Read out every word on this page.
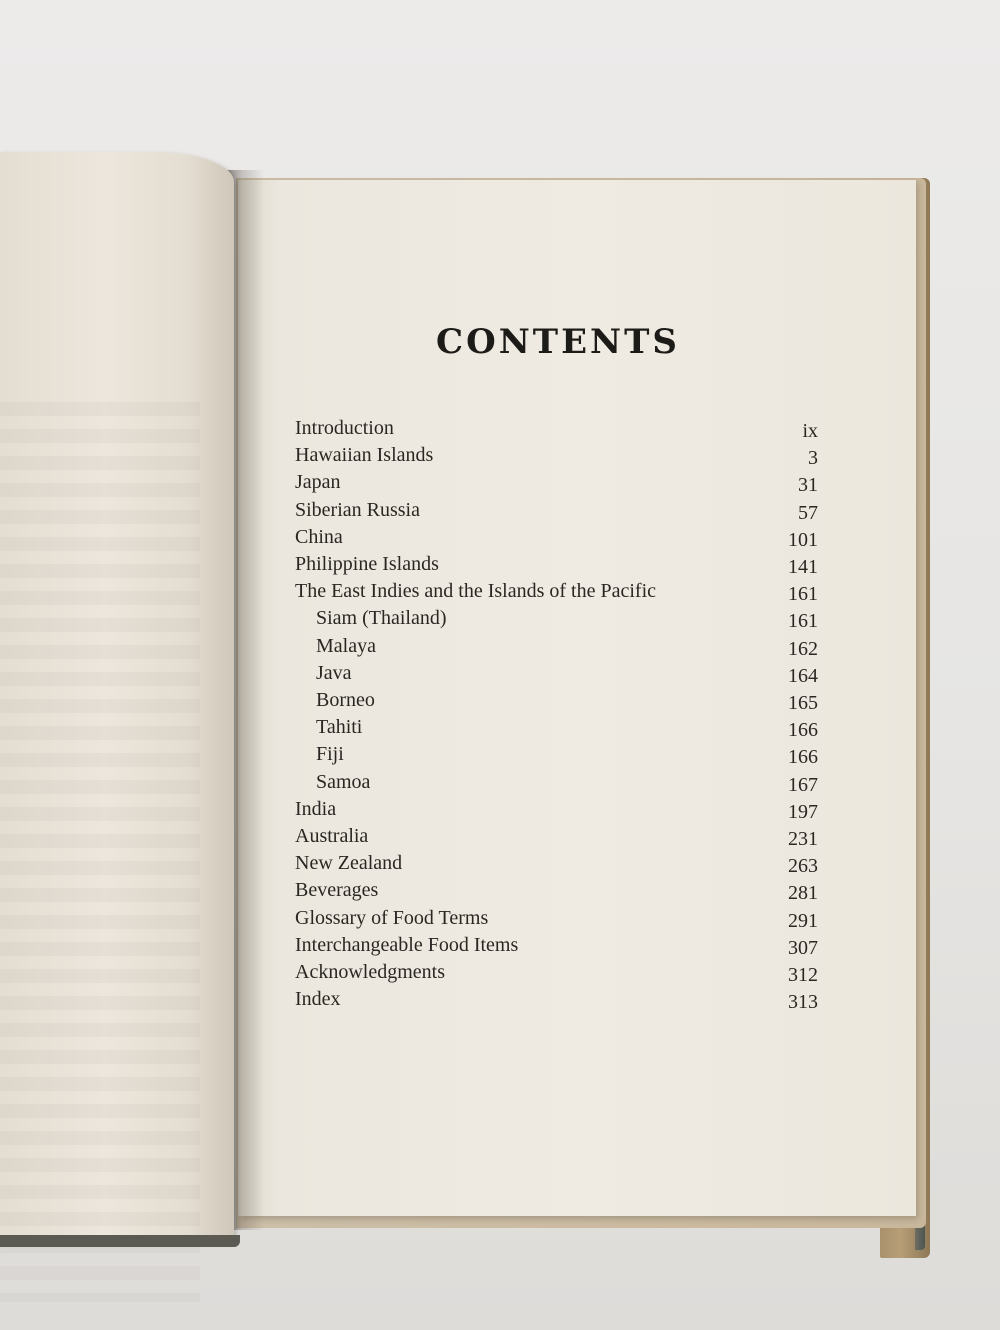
CONTENTS
Introduction	ix
Hawaiian Islands	3
Japan	31
Siberian Russia	57
China	101
Philippine Islands	141
The East Indies and the Islands of the Pacific	161
Siam (Thailand)	161
Malaya	162
Java	164
Borneo	165
Tahiti	166
Fiji	166
Samoa	167
India	197
Australia	231
New Zealand	263
Beverages	281
Glossary of Food Terms	291
Interchangeable Food Items	307
Acknowledgments	312
Index	313
